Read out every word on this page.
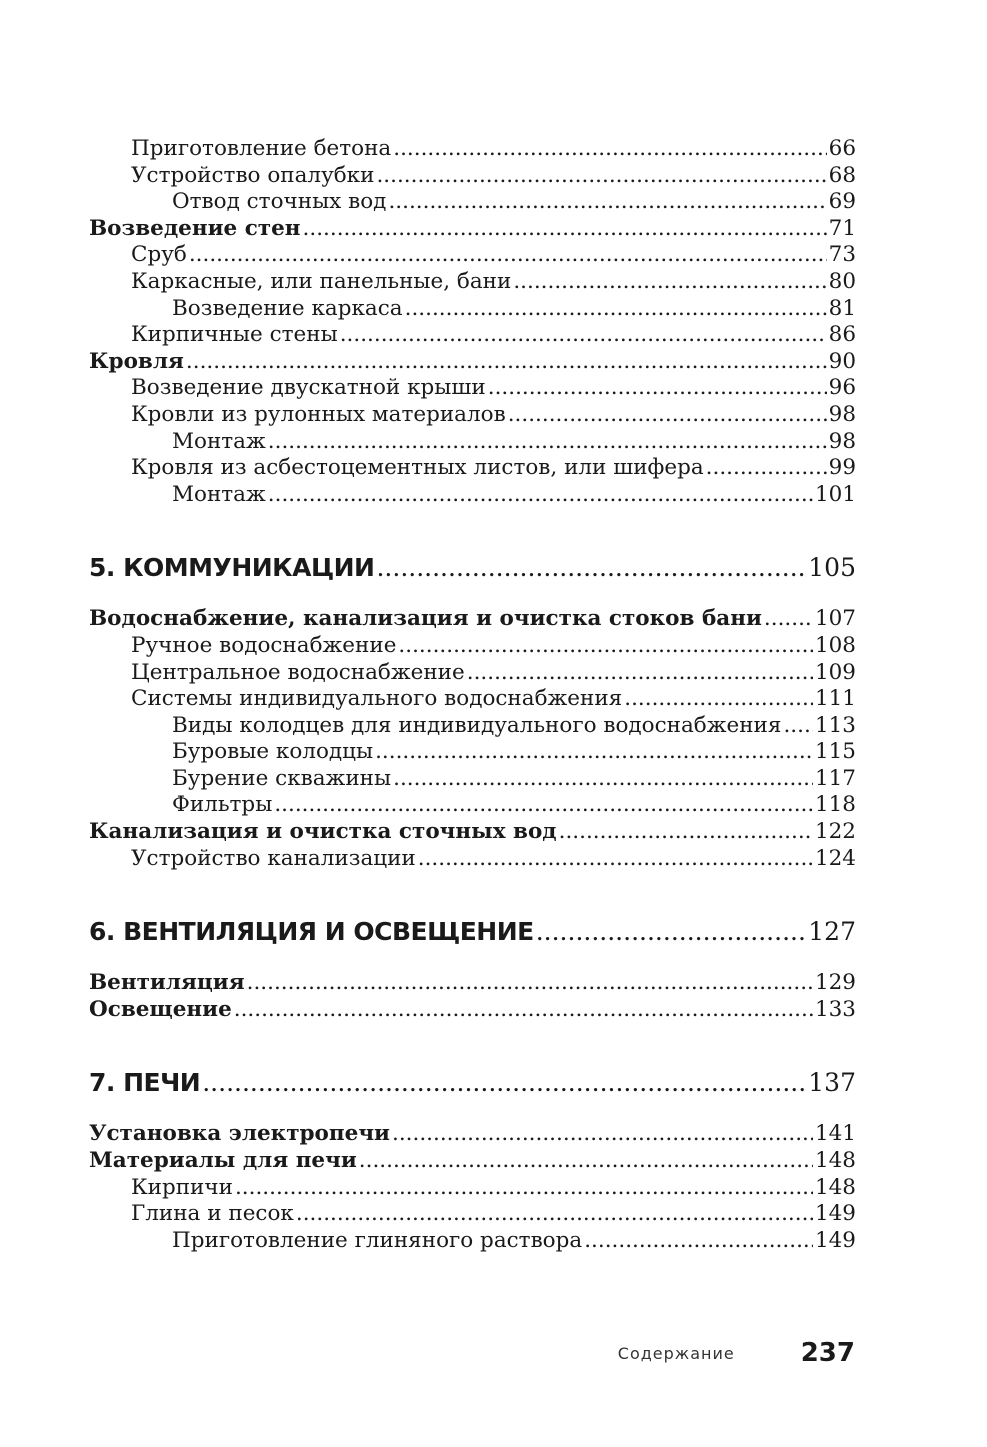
Приготовление бетона .....	66
Устройство опалубки .....	68
Отвод сточных вод .....	69
Возведение стен .....	71
Сруб .....	73
Каркасные, или панельные, бани .....	80
Возведение каркаса .....	81
Кирпичные стены .....	86
Кровля .....	90
Возведение двускатной крыши .....	96
Кровли из рулонных материалов .....	98
Монтаж .....	98
Кровля из асбестоцементных листов, или шифера .....	99
Монтаж .....	101
5. КОММУНИКАЦИИ .....	105
Водоснабжение, канализация и очистка стоков бани ..... 107
Ручное водоснабжение .....	108
Центральное водоснабжение .....	109
Системы индивидуального водоснабжения .....	111
Виды колодцев для индивидуального водоснабжения ..... 113
Буровые колодцы .....	115
Бурение скважины .....	117
Фильтры .....	118
Канализация и очистка сточных вод .....	122
Устройство канализации .....	124
6. ВЕНТИЛЯЦИЯ И ОСВЕЩЕНИЕ .....	127
Вентиляция .....	129
Освещение .....	133
7. ПЕЧИ .....	137
Установка электропечи .....	141
Материалы для печи .....	148
Кирпичи .....	148
Глина и песок .....	149
Приготовление глиняного раствора .....	149
Содержание	237
